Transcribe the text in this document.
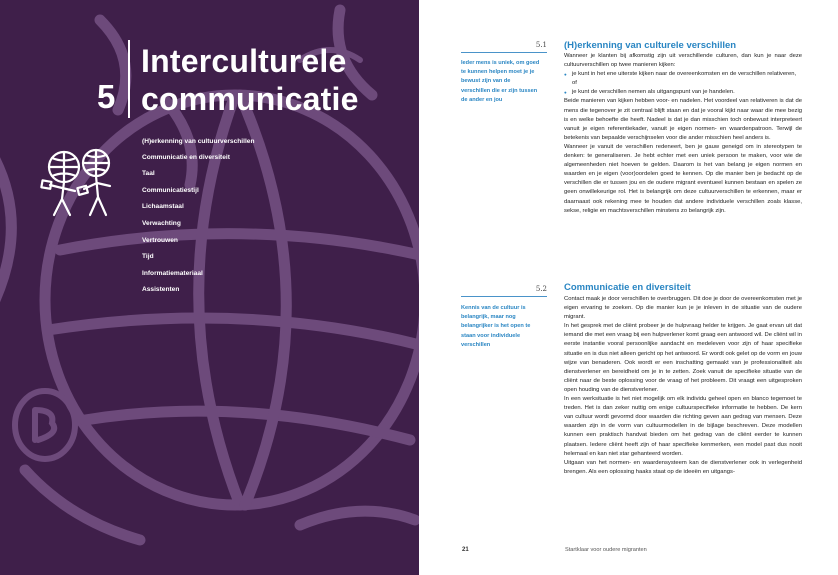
5
Interculturele
communicatie
(H)erkenning van cultuurverschillen
Communicatie en diversiteit
Taal
Communicatiestijl
Lichaamstaal
Verwachting
Vertrouwen
Tijd
Informatiemateriaal
Assistenten
5.1

Ieder mens is uniek, om goed te kunnen helpen moet je je bewust zijn van de verschillen die er zijn tussen de ander en jou

(H)erkenning van culturele verschillen

Wanneer je klanten bij afkomstig zijn uit verschillende culturen, dan kun je naar deze cultuurverschillen op twee manieren kijken:

● je kunt in het ene uiterste kijken naar de overeenkomsten en de verschillen relativeren, of
● je kunt de verschillen nemen als uitgangspunt van je handelen.

Beide manieren van kijken hebben voor- en nadelen. Het voordeel van relativeren is dat de mens die tegenover je zit centraal blijft staan en dat je vooral kijkt naar waar die mee bezig is en welke behoefte die heeft. Nadeel is dat je dan misschien toch onbewust interpreteert vanuit je eigen referentiekader, vanuit je eigen normen- en waardenpatroon. Terwijl de betekenis van bepaalde verschijnselen voor die ander misschien heel anders is.

Wanneer je vanuit de verschillen redeneert, ben je gauw geneigd om in stereotypen te denken: te generaliseren. Je hebt echter met een uniek persoon te maken, voor wie de algemeenheden niet hoeven te gelden. Daarom is het van belang je eigen normen en waarden en je eigen (voor)oordelen goed te kennen. Op die manier ben je bedacht op de verschillen die er tussen jou en de oudere migrant eventueel kunnen bestaan en spelen ze geen onwillekeurige rol. Het is belangrijk om deze cultuurverschillen te erkennen, maar er daarnaast ook rekening mee te houden dat andere individuele verschillen zoals klasse, sekse, religie en machtsverschillen minstens zo belangrijk zijn.

5.2

Kennis van de cultuur is belangrijk, maar nog belangrijker is het open te staan voor individuele verschillen

Communicatie en diversiteit

Contact maak je door verschillen te overbruggen. Dit doe je door de overeenkomsten met je eigen ervaring te zoeken. Op die manier kun je je inleven in de situatie van de oudere migrant.

In het gesprek met de cliënt probeer je de hulpvraag helder te krijgen. Je gaat ervan uit dat iemand die met een vraag bij een hulpverlener komt graag een antwoord wil. De cliënt wil in eerste instantie vooral persoonlijke aandacht en medeleven voor zijn of haar specifieke situatie en is dus niet alleen gericht op het antwoord. Er wordt ook gelet op de vorm en jouw wijze van benaderen. Ook wordt er een inschatting gemaakt van je professionaliteit als dienstverlener en bereidheid om je in te zetten. Zoek vanuit de specifieke situatie van de cliënt naar de beste oplossing voor de vraag of het probleem. Dit vraagt een uitgesproken open houding van de dienstverlener.

In een werksituatie is het niet mogelijk om elk individu geheel open en blanco tegemoet te treden. Het is dan zeker nuttig om enige cultuurspecifieke informatie te hebben. De kern van cultuur wordt gevormd door waarden die richting geven aan gedrag van mensen. Deze waarden zijn in de vorm van cultuurmodellen in de bijlage beschreven. Deze modellen kunnen een praktisch handvat bieden om het gedrag van de cliënt eerder te kunnen plaatsen. Iedere cliënt heeft zijn of haar specifieke kenmerken, een model past dus nooit helemaal en kan niet star gehanteerd worden.

Uitgaan van het normen- en waardensysteem kan de dienstverlener ook in verlegenheid brengen. Als een oplossing haaks staat op de ideeën en uitgangs-

21	Startklaar voor oudere migranten
